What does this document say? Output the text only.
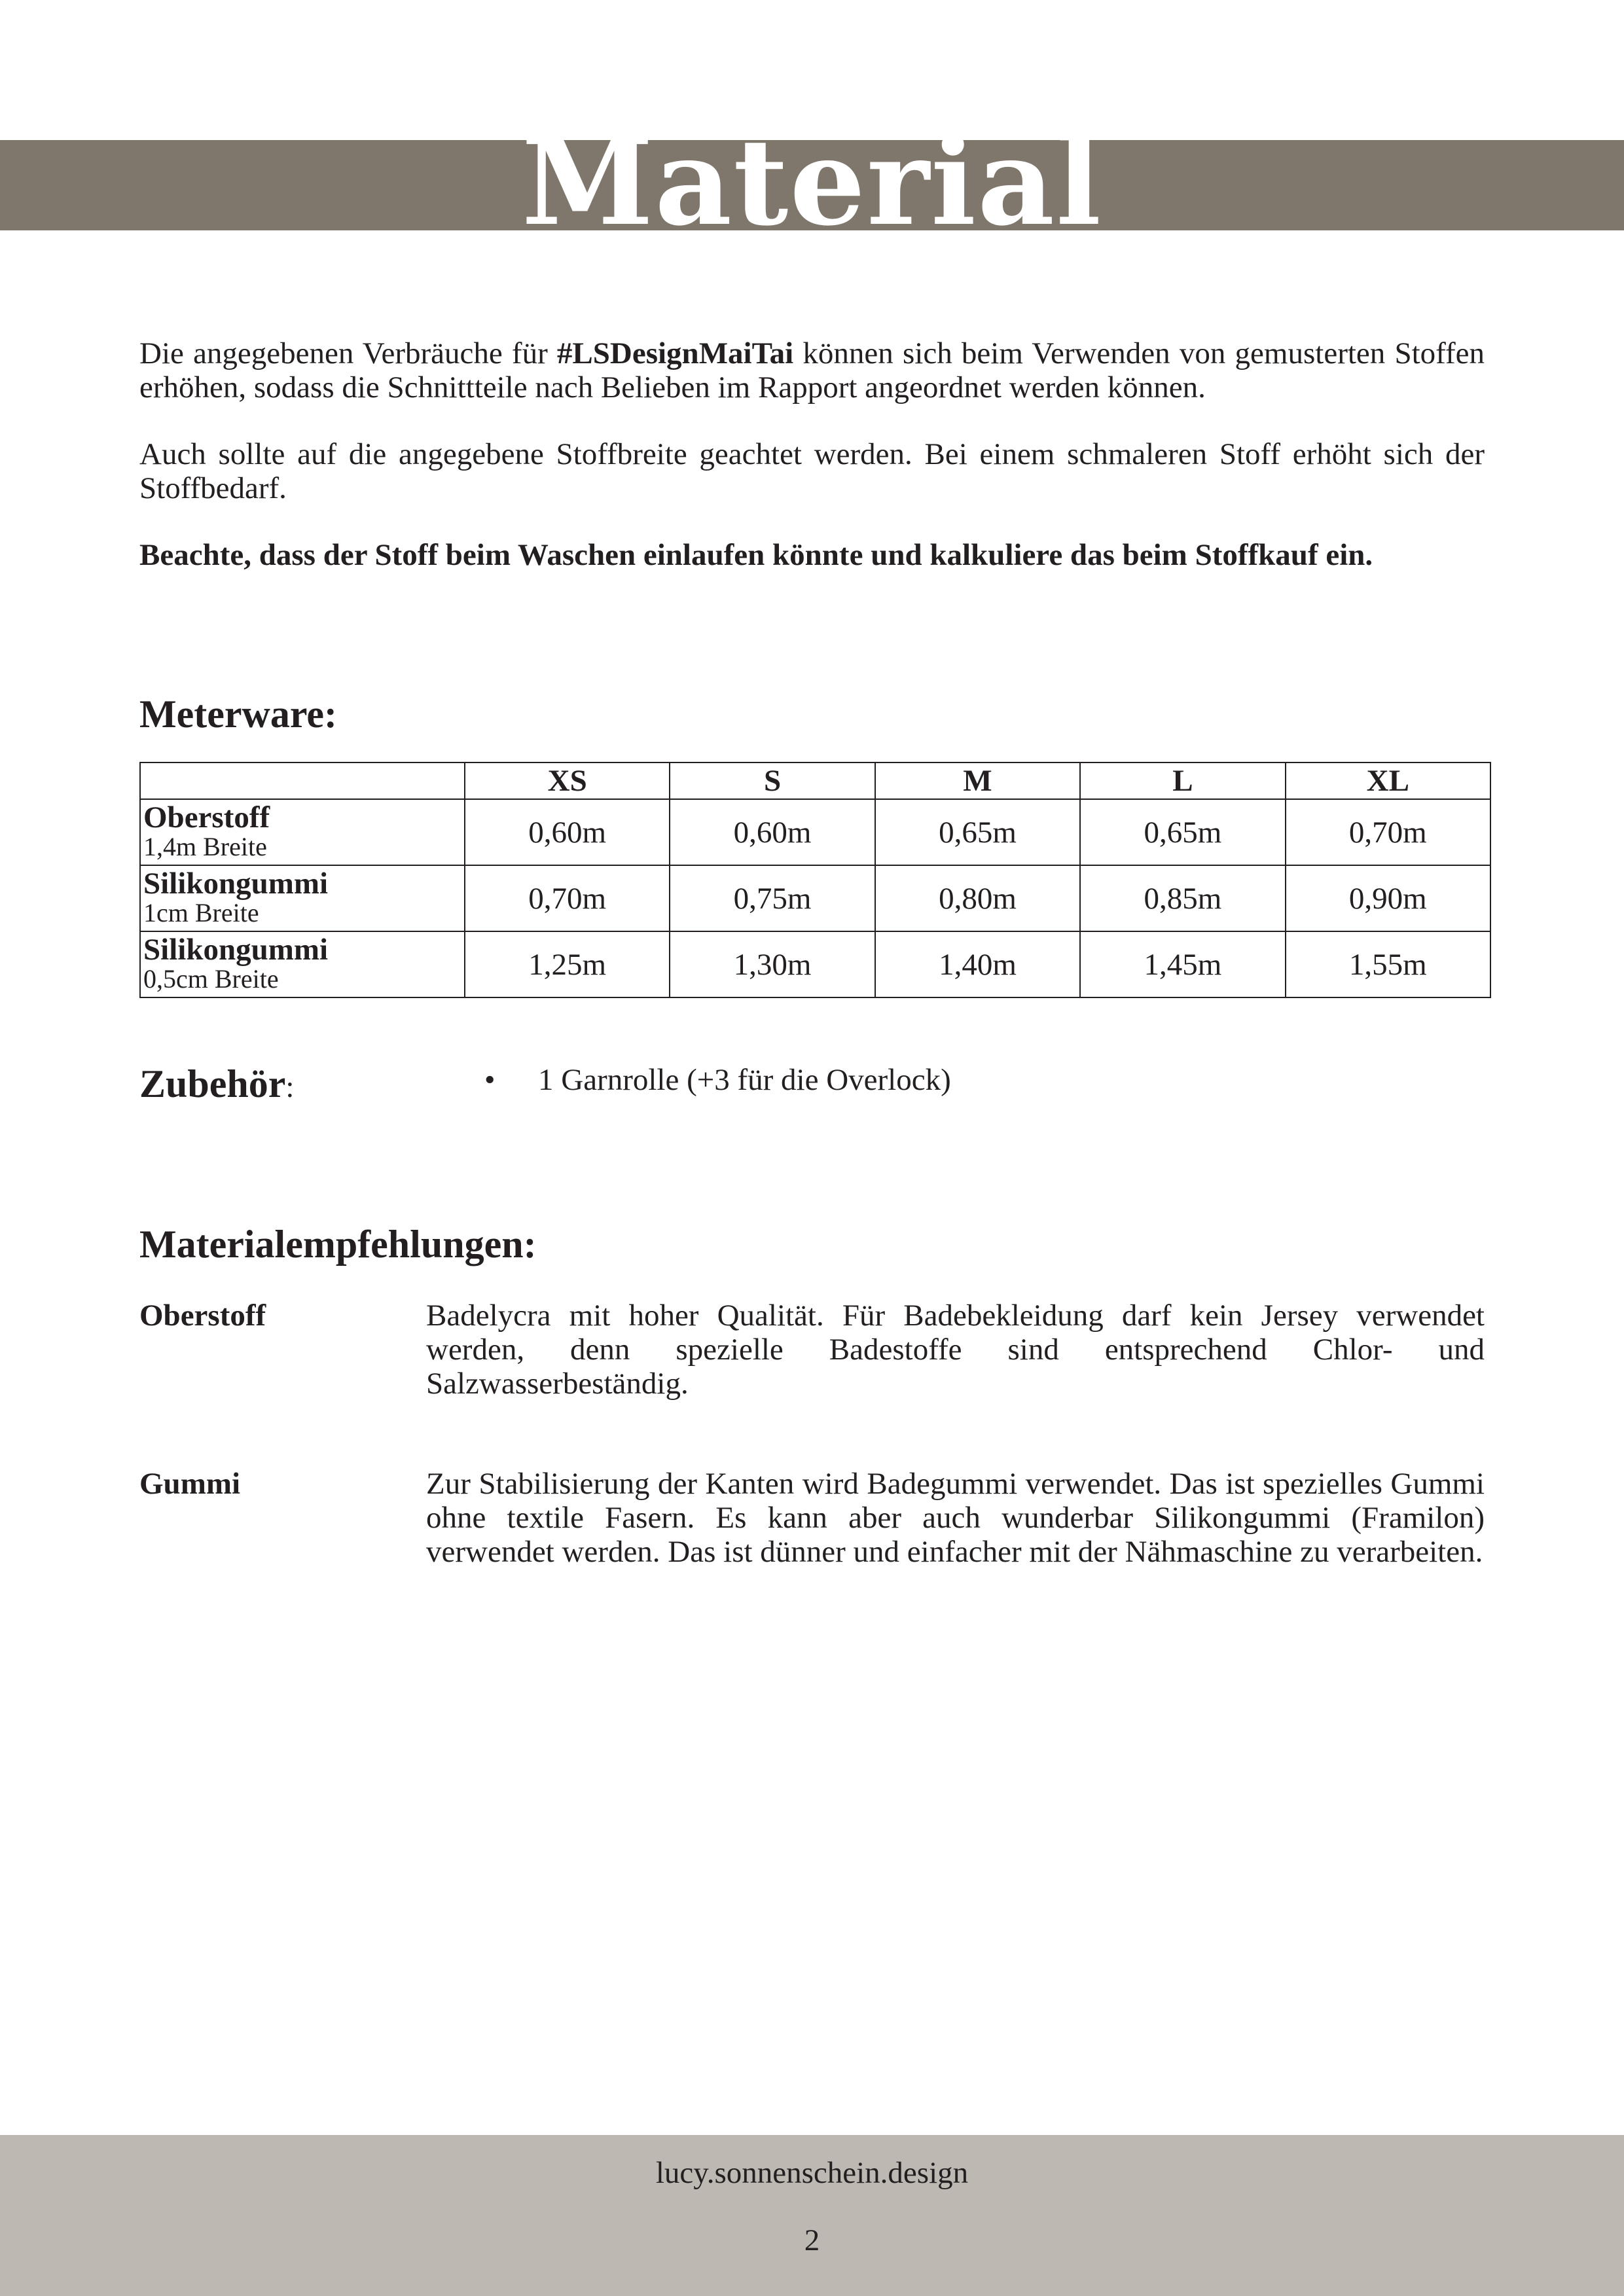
Material

Die angegebenen Verbräuche für #LSDesignMaiTai können sich beim Verwenden von gemusterten Stoffen erhöhen, sodass die Schnittteile nach Belieben im Rapport angeordnet werden können.

Auch sollte auf die angegebene Stoffbreite geachtet werden. Bei einem schmaleren Stoff erhöht sich der Stoffbedarf.

Beachte, dass der Stoff beim Waschen einlaufen könnte und kalkuliere das beim Stoffkauf ein.

Meterware:
	XS	S	M	L	XL

Oberstoff
1,4m Breite	0,60m	0,60m	0,65m	0,65m	0,70m

Silikongummi
1cm Breite	0,70m	0,75m	0,80m	0,85m	0,90m

Silikongummi
0,5cm Breite	1,25m	1,30m	1,40m	1,45m	1,55m
Zubehör:	• 1 Garnrolle (+3 für die Overlock)
Materialempfehlungen:
Oberstoff	Badelycra mit hoher Qualität. Für Badebekleidung darf kein Jersey verwendet werden, denn spezielle Badestoffe sind entsprechend Chlor- und Salzwasserbeständig.

Gummi	Zur Stabilisierung der Kanten wird Badegummi verwendet. Das ist spezielles Gummi ohne textile Fasern. Es kann aber auch wunderbar Silikongummi (Framilon) verwendet werden. Das ist dünner und einfacher mit der Nähmaschine zu verarbeiten.

lucy.sonnenschein.design
2
